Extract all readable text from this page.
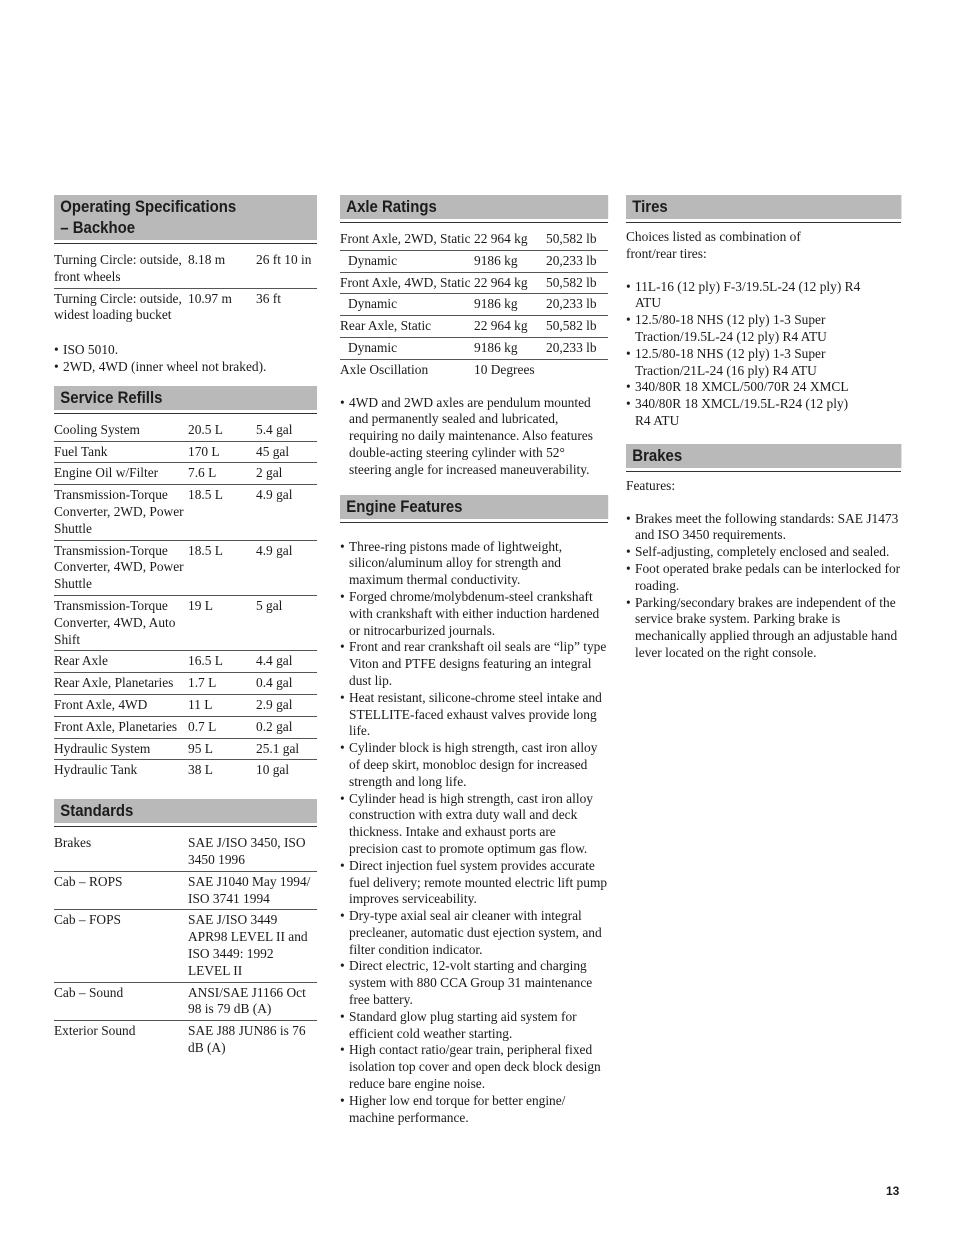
Operating Specifications
– Backhoe
Turning Circle: outside, front wheels	8.18 m	26 ft 10 in
Turning Circle: outside, widest loading bucket	10.97 m	36 ft
• ISO 5010.
• 2WD, 4WD (inner wheel not braked).
Service Refills
Cooling System	20.5 L	5.4 gal
Fuel Tank	170 L	45 gal
Engine Oil w/Filter	7.6 L	2 gal
Transmission-Torque Converter, 2WD, Power Shuttle	18.5 L	4.9 gal
Transmission-Torque Converter, 4WD, Power Shuttle	18.5 L	4.9 gal
Transmission-Torque Converter, 4WD, Auto Shift	19 L	5 gal
Rear Axle	16.5 L	4.4 gal
Rear Axle, Planetaries	1.7 L	0.4 gal
Front Axle, 4WD	11 L	2.9 gal
Front Axle, Planetaries	0.7 L	0.2 gal
Hydraulic System	95 L	25.1 gal
Hydraulic Tank	38 L	10 gal
Standards
Brakes	SAE J/ISO 3450, ISO 3450 1996
Cab – ROPS	SAE J1040 May 1994/ ISO 3741 1994
Cab – FOPS	SAE J/ISO 3449 APR98 LEVEL II and ISO 3449: 1992 LEVEL II
Cab – Sound	ANSI/SAE J1166 Oct 98 is 79 dB (A)
Exterior Sound	SAE J88 JUN86 is 76 dB (A)
Axle Ratings
Front Axle, 2WD, Static	22 964 kg	50,582 lb
Dynamic	9186 kg	20,233 lb
Front Axle, 4WD, Static	22 964 kg	50,582 lb
Dynamic	9186 kg	20,233 lb
Rear Axle, Static	22 964 kg	50,582 lb
Dynamic	9186 kg	20,233 lb
Axle Oscillation	10 Degrees	
• 4WD and 2WD axles are pendulum mounted and permanently sealed and lubricated, requiring no daily maintenance. Also features double-acting steering cylinder with 52° steering angle for increased maneuverability.
Engine Features
• Three-ring pistons made of lightweight, silicon/aluminum alloy for strength and maximum thermal conductivity.
• Forged chrome/molybdenum-steel crankshaft with crankshaft with either induction hardened or nitrocarburized journals.
• Front and rear crankshaft oil seals are “lip” type Viton and PTFE designs featuring an integral dust lip.
• Heat resistant, silicone-chrome steel intake and STELLITE-faced exhaust valves provide long life.
• Cylinder block is high strength, cast iron alloy of deep skirt, monobloc design for increased strength and long life.
• Cylinder head is high strength, cast iron alloy construction with extra duty wall and deck thickness. Intake and exhaust ports are precision cast to promote optimum gas flow.
• Direct injection fuel system provides accurate fuel delivery; remote mounted electric lift pump improves serviceability.
• Dry-type axial seal air cleaner with integral precleaner, automatic dust ejection system, and filter condition indicator.
• Direct electric, 12-volt starting and charging system with 880 CCA Group 31 maintenance free battery.
• Standard glow plug starting aid system for efficient cold weather starting.
• High contact ratio/gear train, peripheral fixed isolation top cover and open deck block design reduce bare engine noise.
• Higher low end torque for better engine/ machine performance.
Tires
Choices listed as combination of front/rear tires:
• 11L-16 (12 ply) F-3/19.5L-24 (12 ply) R4 ATU
• 12.5/80-18 NHS (12 ply) 1-3 Super Traction/19.5L-24 (12 ply) R4 ATU
• 12.5/80-18 NHS (12 ply) 1-3 Super Traction/21L-24 (16 ply) R4 ATU
• 340/80R 18 XMCL/500/70R 24 XMCL
• 340/80R 18 XMCL/19.5L-R24 (12 ply) R4 ATU
Brakes
Features:
• Brakes meet the following standards: SAE J1473 and ISO 3450 requirements.
• Self-adjusting, completely enclosed and sealed.
• Foot operated brake pedals can be interlocked for roading.
• Parking/secondary brakes are independent of the service brake system. Parking brake is mechanically applied through an adjustable hand lever located on the right console.
13
